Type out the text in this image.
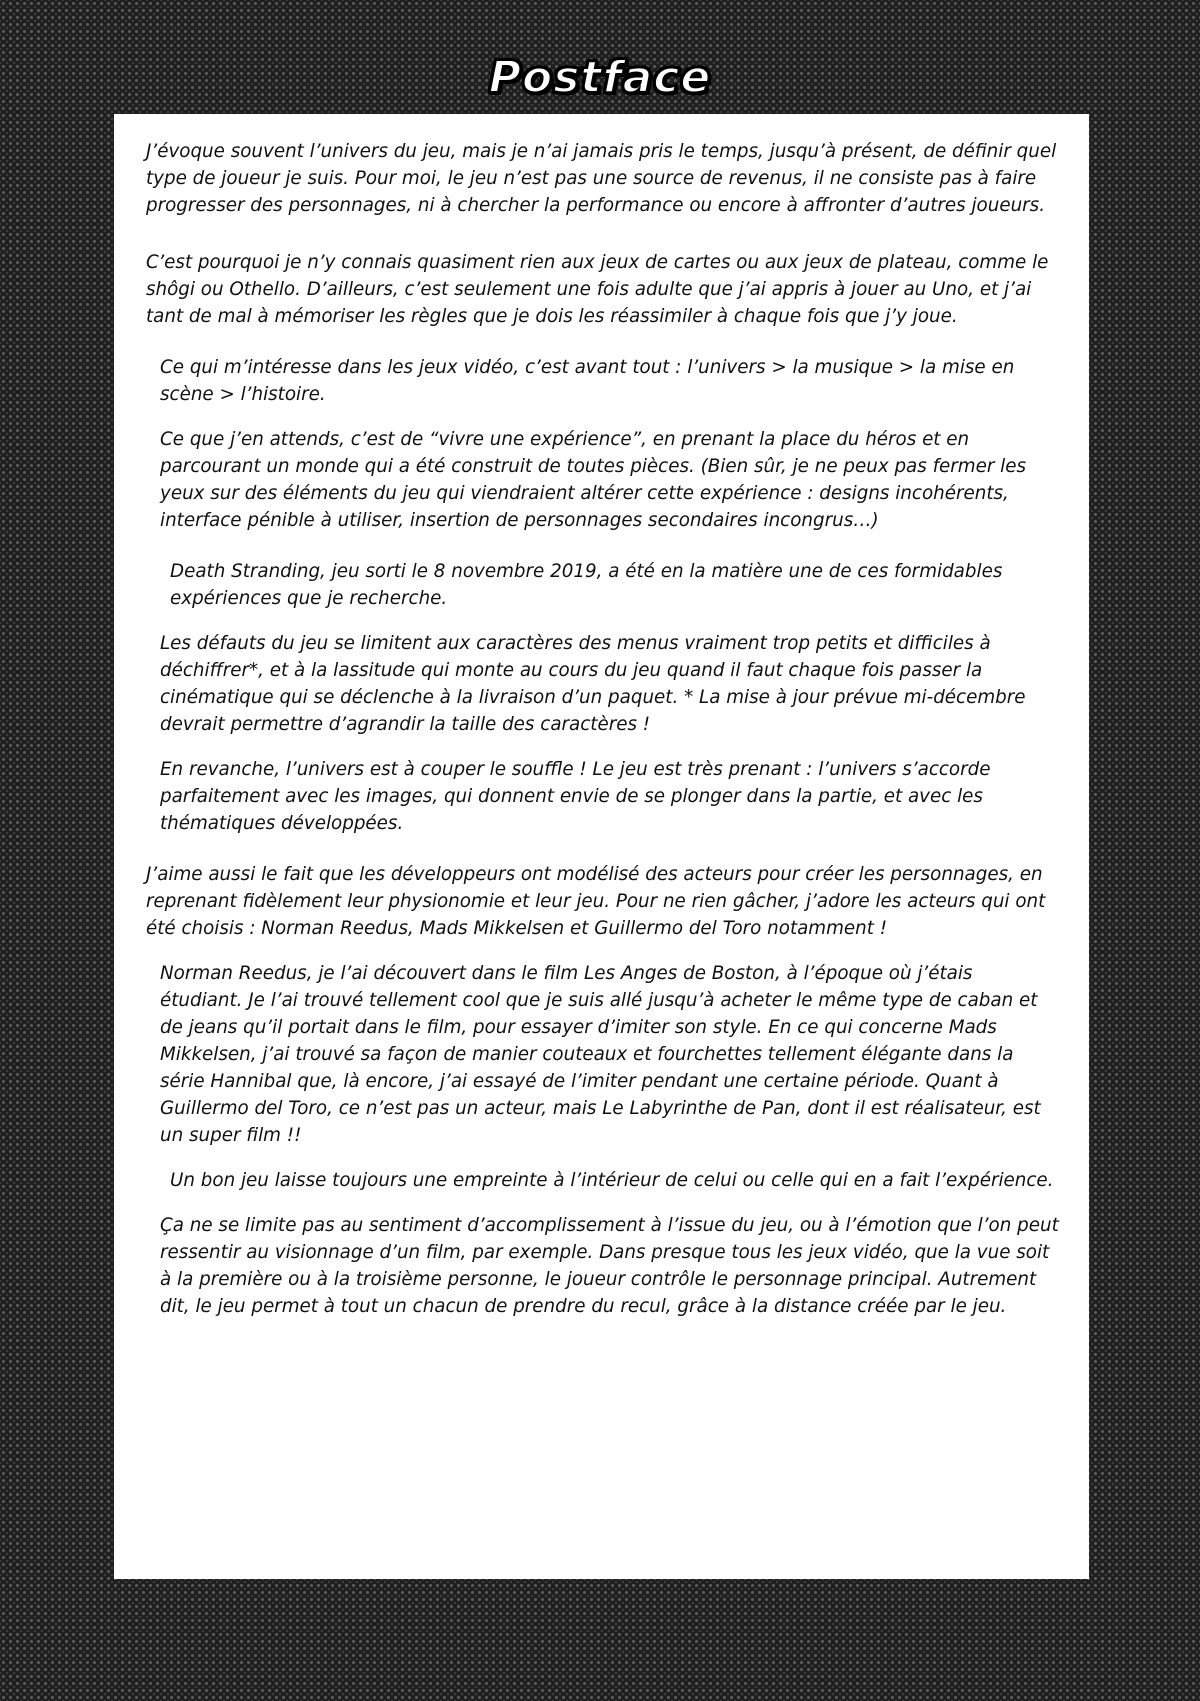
Postface

J’évoque souvent l’univers du jeu, mais je n’ai jamais pris le temps, jusqu’à présent, de définir quel type de joueur je suis. Pour moi, le jeu n’est pas une source de revenus, il ne consiste pas à faire progresser des personnages, ni à chercher la performance ou encore à affronter d’autres joueurs.

C’est pourquoi je n’y connais quasiment rien aux jeux de cartes ou aux jeux de plateau, comme le shôgi ou Othello. D’ailleurs, c’est seulement une fois adulte que j’ai appris à jouer au Uno, et j’ai tant de mal à mémoriser les règles que je dois les réassimiler à chaque fois que j’y joue.

Ce qui m’intéresse dans les jeux vidéo, c’est avant tout : l’univers > la musique > la mise en scène > l’histoire.

Ce que j’en attends, c’est de “vivre une expérience”, en prenant la place du héros et en parcourant un monde qui a été construit de toutes pièces. (Bien sûr, je ne peux pas fermer les yeux sur des éléments du jeu qui viendraient altérer cette expérience : designs incohérents, interface pénible à utiliser, insertion de personnages secondaires incongrus…)

Death Stranding, jeu sorti le 8 novembre 2019, a été en la matière une de ces formidables expériences que je recherche.

Les défauts du jeu se limitent aux caractères des menus vraiment trop petits et difficiles à déchiffrer*, et à la lassitude qui monte au cours du jeu quand il faut chaque fois passer la cinématique qui se déclenche à la livraison d’un paquet. * La mise à jour prévue mi-décembre devrait permettre d’agrandir la taille des caractères !

En revanche, l’univers est à couper le souffle ! Le jeu est très prenant : l’univers s’accorde parfaitement avec les images, qui donnent envie de se plonger dans la partie, et avec les thématiques développées.

J’aime aussi le fait que les développeurs ont modélisé des acteurs pour créer les personnages, en reprenant fidèlement leur physionomie et leur jeu. Pour ne rien gâcher, j’adore les acteurs qui ont été choisis : Norman Reedus, Mads Mikkelsen et Guillermo del Toro notamment !

Norman Reedus, je l’ai découvert dans le film Les Anges de Boston, à l’époque où j’étais étudiant. Je l’ai trouvé tellement cool que je suis allé jusqu’à acheter le même type de caban et de jeans qu’il portait dans le film, pour essayer d’imiter son style. En ce qui concerne Mads Mikkelsen, j’ai trouvé sa façon de manier couteaux et fourchettes tellement élégante dans la série Hannibal que, là encore, j’ai essayé de l’imiter pendant une certaine période. Quant à Guillermo del Toro, ce n’est pas un acteur, mais Le Labyrinthe de Pan, dont il est réalisateur, est un super film !!

Un bon jeu laisse toujours une empreinte à l’intérieur de celui ou celle qui en a fait l’expérience.

Ça ne se limite pas au sentiment d’accomplissement à l’issue du jeu, ou à l’émotion que l’on peut ressentir au visionnage d’un film, par exemple. Dans presque tous les jeux vidéo, que la vue soit à la première ou à la troisième personne, le joueur contrôle le personnage principal. Autrement dit, le jeu permet à tout un chacun de prendre du recul, grâce à la distance créée par le jeu.
